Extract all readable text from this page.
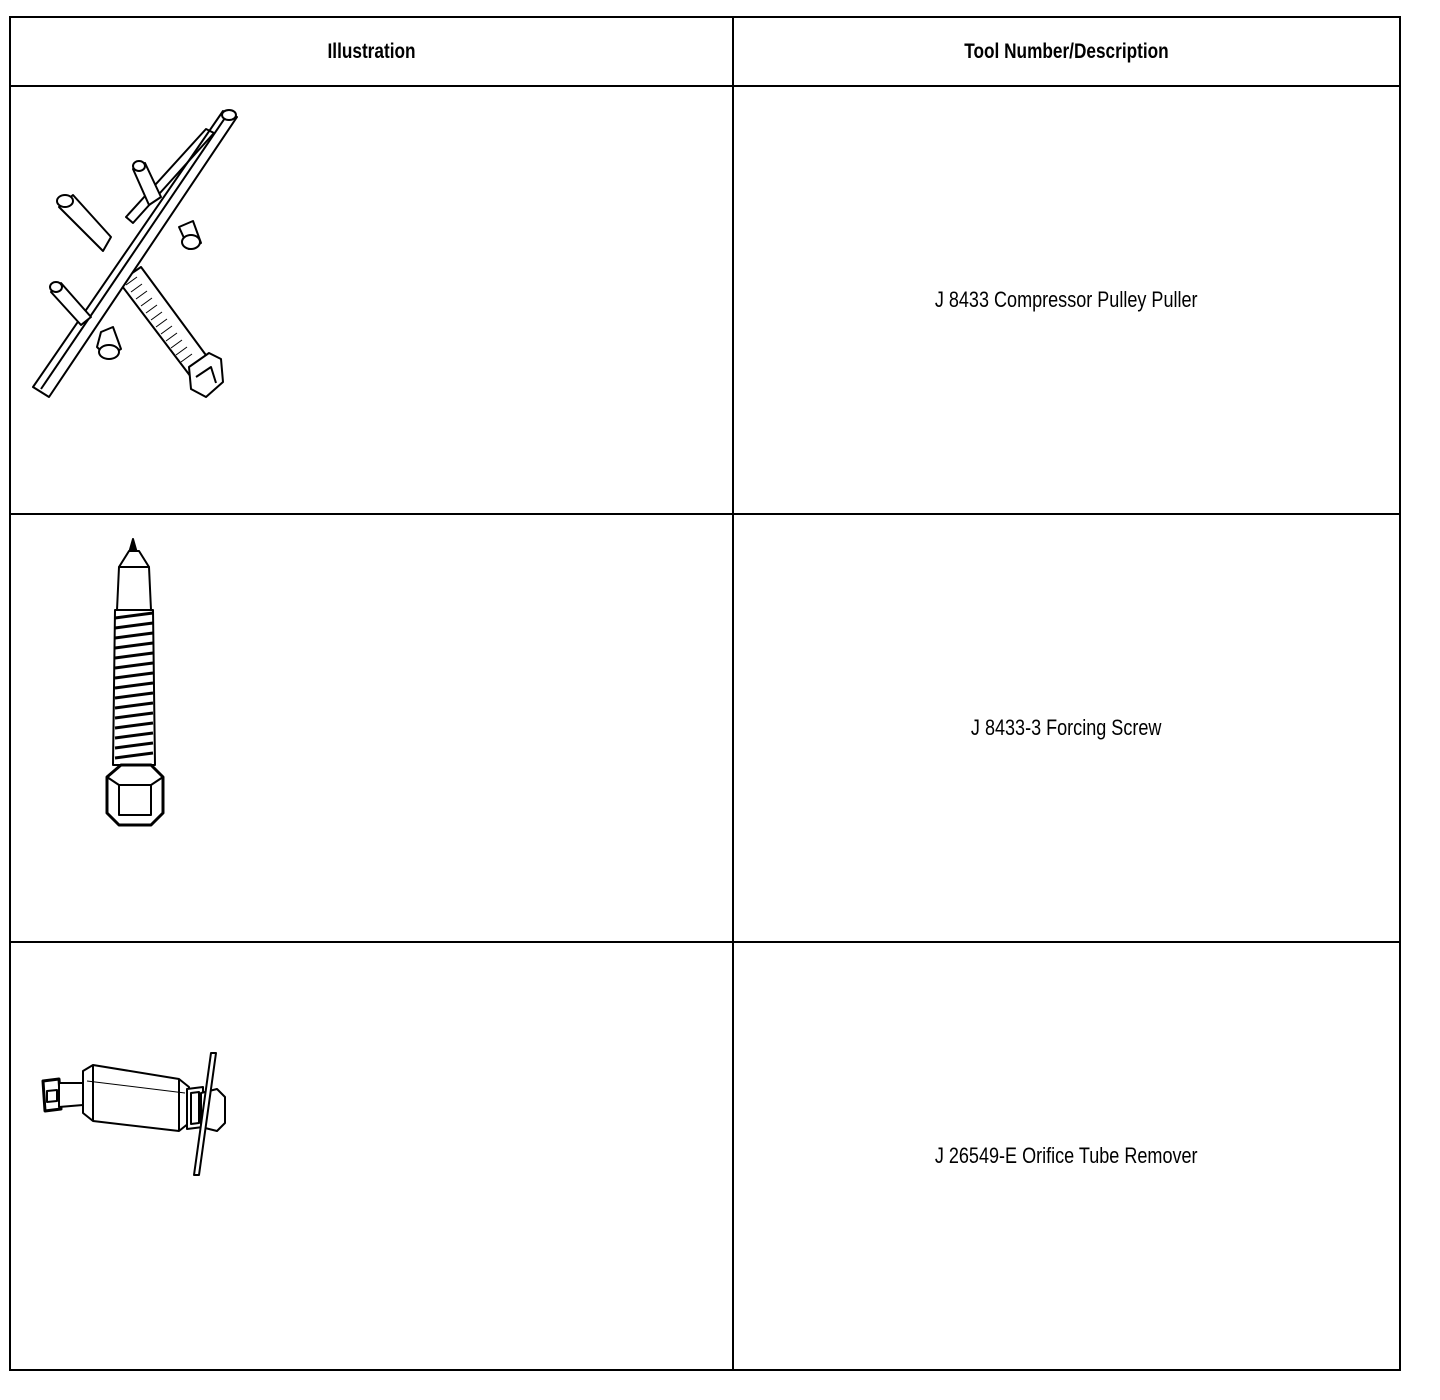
Illustration	Tool Number/Description

	J 8433 Compressor Pulley Puller

	J 8433-3 Forcing Screw

	J 26549-E Orifice Tube Remover
